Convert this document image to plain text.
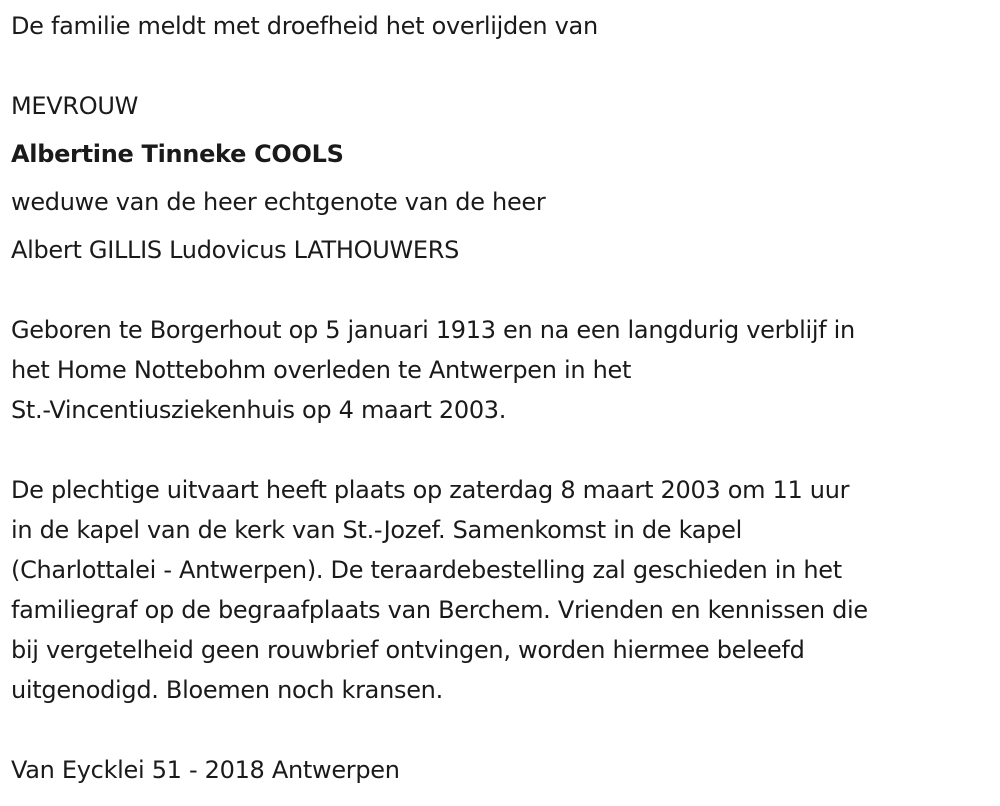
De familie meldt met droefheid het overlijden van
MEVROUW
Albertine Tinneke COOLS
weduwe van de heer echtgenote van de heer
Albert GILLIS Ludovicus LATHOUWERS
Geboren te Borgerhout op 5 januari 1913 en na een langdurig verblijf in
het Home Nottebohm overleden te Antwerpen in het
St.-Vincentiusziekenhuis op 4 maart 2003.
De plechtige uitvaart heeft plaats op zaterdag 8 maart 2003 om 11 uur
in de kapel van de kerk van St.-Jozef. Samenkomst in de kapel
(Charlottalei - Antwerpen). De teraardebestelling zal geschieden in het
familiegraf op de begraafplaats van Berchem. Vrienden en kennissen die
bij vergetelheid geen rouwbrief ontvingen, worden hiermee beleefd
uitgenodigd. Bloemen noch kransen.
Van Eycklei 51 - 2018 Antwerpen
